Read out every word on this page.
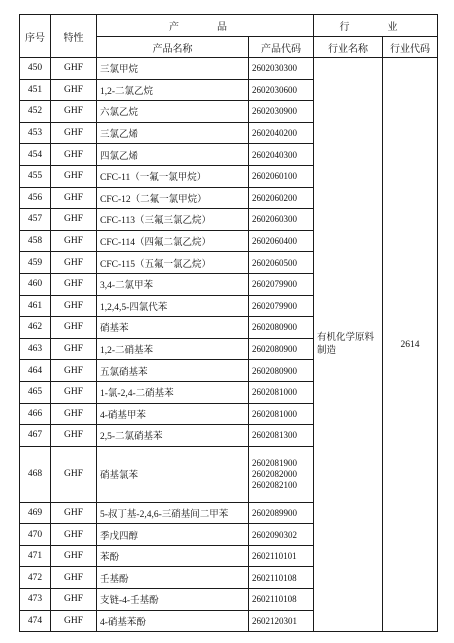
序号	特性	产　品		行　业	
		产品名称	产品代码	行业名称	行业代码
450	GHF	三氯甲烷	2602030300	有机化学原料制造	2614
451	GHF	1,2-二氯乙烷	2602030600		

452	GHF	六氯乙烷	2602030900		

453	GHF	三氯乙烯	2602040200		

454	GHF	四氯乙烯	2602040300		

455	GHF	CFC-11（一氟一氯甲烷）	2602060100		

456	GHF	CFC-12（二氟一氯甲烷）	2602060200		

457	GHF	CFC-113（三氟三氯乙烷）	2602060300		

458	GHF	CFC-114（四氟二氯乙烷）	2602060400		

459	GHF	CFC-115（五氟一氯乙烷）	2602060500		

460	GHF	3,4-二氯甲苯	2602079900		

461	GHF	1,2,4,5-四氯代苯	2602079900		

462	GHF	硝基苯	2602080900		

463	GHF	1,2-二硝基苯	2602080900		

464	GHF	五氯硝基苯	2602080900		

465	GHF	1-氯-2,4-二硝基苯	2602081000		

466	GHF	4-硝基甲苯	2602081000		

467	GHF	2,5-二氯硝基苯	2602081300		

468	GHF	硝基氯苯	2602081900
2602082000
2602082100		

469	GHF	5-叔丁基-2,4,6-三硝基间二甲苯	2602089900		

470	GHF	季戊四醇	2602090302		

471	GHF	苯酚	2602110101		

472	GHF	壬基酚	2602110108		

473	GHF	支链-4-壬基酚	2602110108		

474	GHF	4-硝基苯酚	2602120301		
